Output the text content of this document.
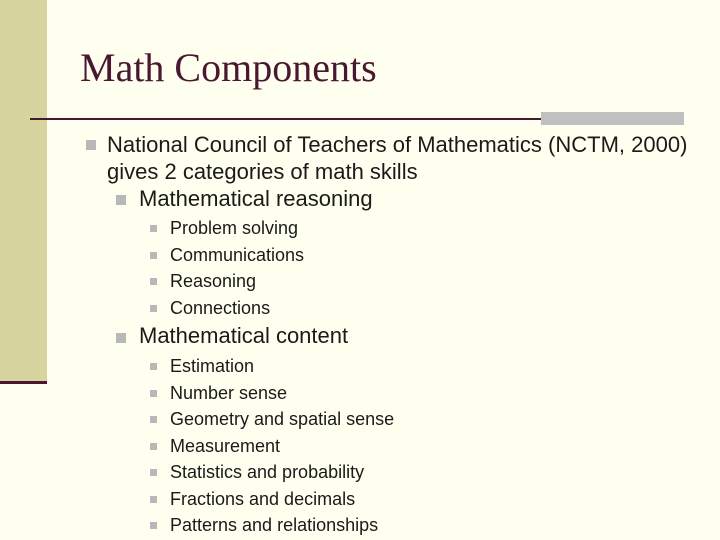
Math Components
National Council of Teachers of Mathematics (NCTM, 2000) gives 2 categories of math skills
Mathematical reasoning
Problem solving
Communications
Reasoning
Connections
Mathematical content
Estimation
Number sense
Geometry and spatial sense
Measurement
Statistics and probability
Fractions and decimals
Patterns and relationships
